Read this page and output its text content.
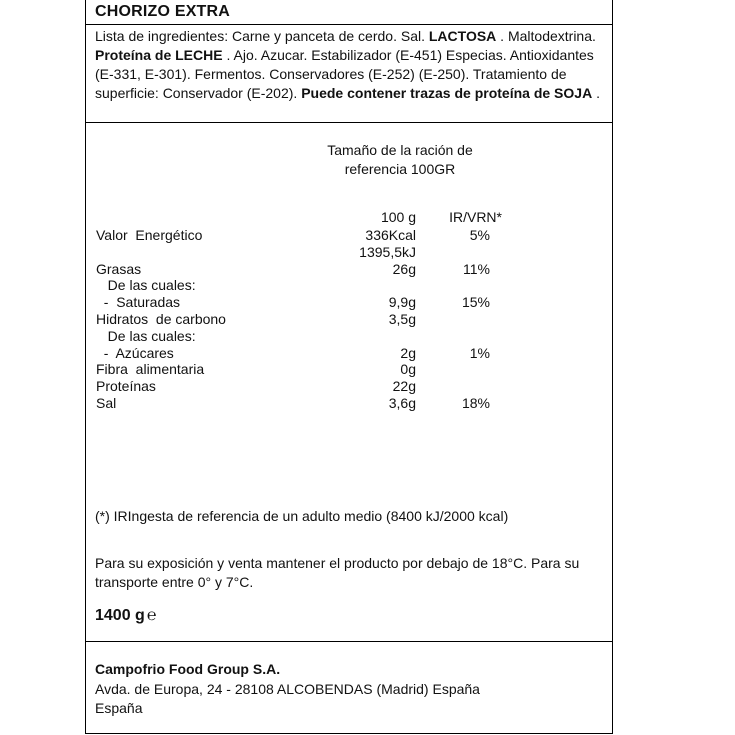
CHORIZO EXTRA
Lista de ingredientes: Carne y panceta de cerdo. Sal. LACTOSA . Maltodextrina. Proteína de LECHE . Ajo. Azucar. Estabilizador (E-451) Especias. Antioxidantes (E-331, E-301). Fermentos. Conservadores (E-252) (E-250). Tratamiento de superficie: Conservador (E-202). Puede contener trazas de proteína de SOJA .
Tamaño de la ración de
referencia 100GR
100 g IR/VRN*
Valor  Energético	336Kcal	5%
1395,5kJ
Grasas	26g	11%
De las cuales:
-  Saturadas	9,9g	15%
Hidratos  de carbono	3,5g
De las cuales:
-  Azúcares	2g	1%
Fibra  alimentaria	0g
Proteínas	22g
Sal	3,6g	18%
(*) IRIngesta de referencia de un adulto medio (8400 kJ/2000 kcal)
Para su exposición y venta mantener el producto por debajo de 18°C. Para su transporte entre 0° y 7°C.
1400 g ℮
Campofrio Food Group S.A.
Avda. de Europa, 24 - 28108 ALCOBENDAS (Madrid) España
España
